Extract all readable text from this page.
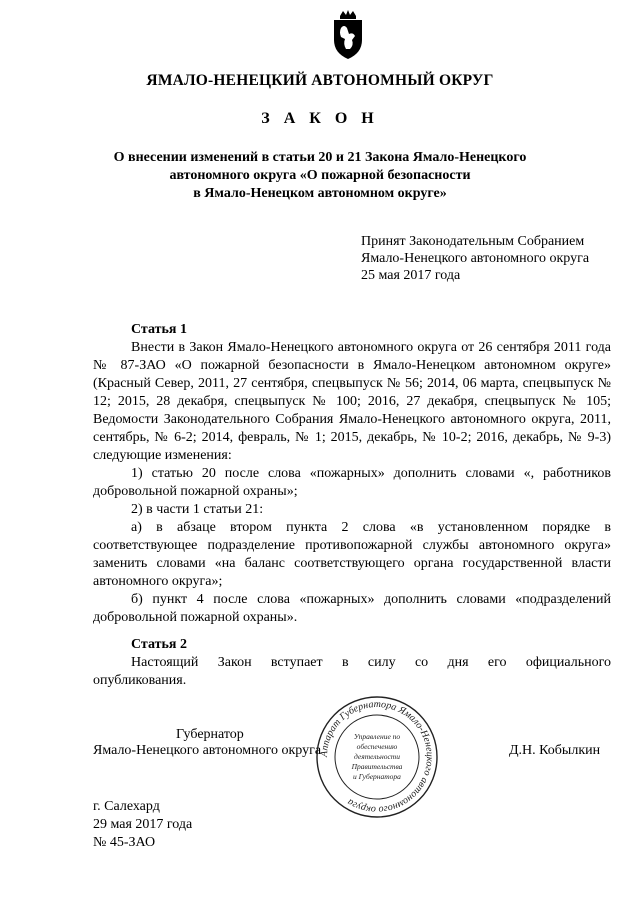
ЯМАЛО-НЕНЕЦКИЙ АВТОНОМНЫЙ ОКРУГ
З А К О Н
О внесении изменений в статьи 20 и 21 Закона Ямало-Ненецкого
автономного округа «О пожарной безопасности
в Ямало-Ненецком автономном округе»
Принят Законодательным Собранием
Ямало-Ненецкого автономного округа
25 мая 2017 года
Статья 1
Внести в Закон Ямало-Ненецкого автономного округа от 26 сентября 2011 года № 87-ЗАО «О пожарной безопасности в Ямало-Ненецком автономном округе» (Красный Север, 2011, 27 сентября, спецвыпуск № 56; 2014, 06 марта, спецвыпуск № 12; 2015, 28 декабря, спецвыпуск № 100; 2016, 27 декабря, спецвыпуск № 105; Ведомости Законодательного Собрания Ямало-Ненецкого автономного округа, 2011, сентябрь, № 6-2; 2014, февраль, № 1; 2015, декабрь, № 10-2; 2016, декабрь, № 9-3) следующие изменения:
1) статью 20 после слова «пожарных» дополнить словами «, работников добровольной пожарной охраны»;
2) в части 1 статьи 21:
а) в абзаце втором пункта 2 слова «в установленном порядке в соответствующее подразделение противопожарной службы автономного округа» заменить словами «на баланс соответствующего органа государственной власти автономного округа»;
б) пункт 4 после слова «пожарных» дополнить словами «подразделений добровольной пожарной охраны».
Статья 2
Настоящий Закон вступает в силу со дня его официального
опубликования.
Губернатор
Ямало-Ненецкого автономного округа	Д.Н. Кобылкин
Аппарат Губернатора Ямало-Ненецкого автономного округа
Управление по
обеспечению
деятельности
Правительства
и Губернатора
г. Салехард
29 мая 2017 года
№ 45-ЗАО
